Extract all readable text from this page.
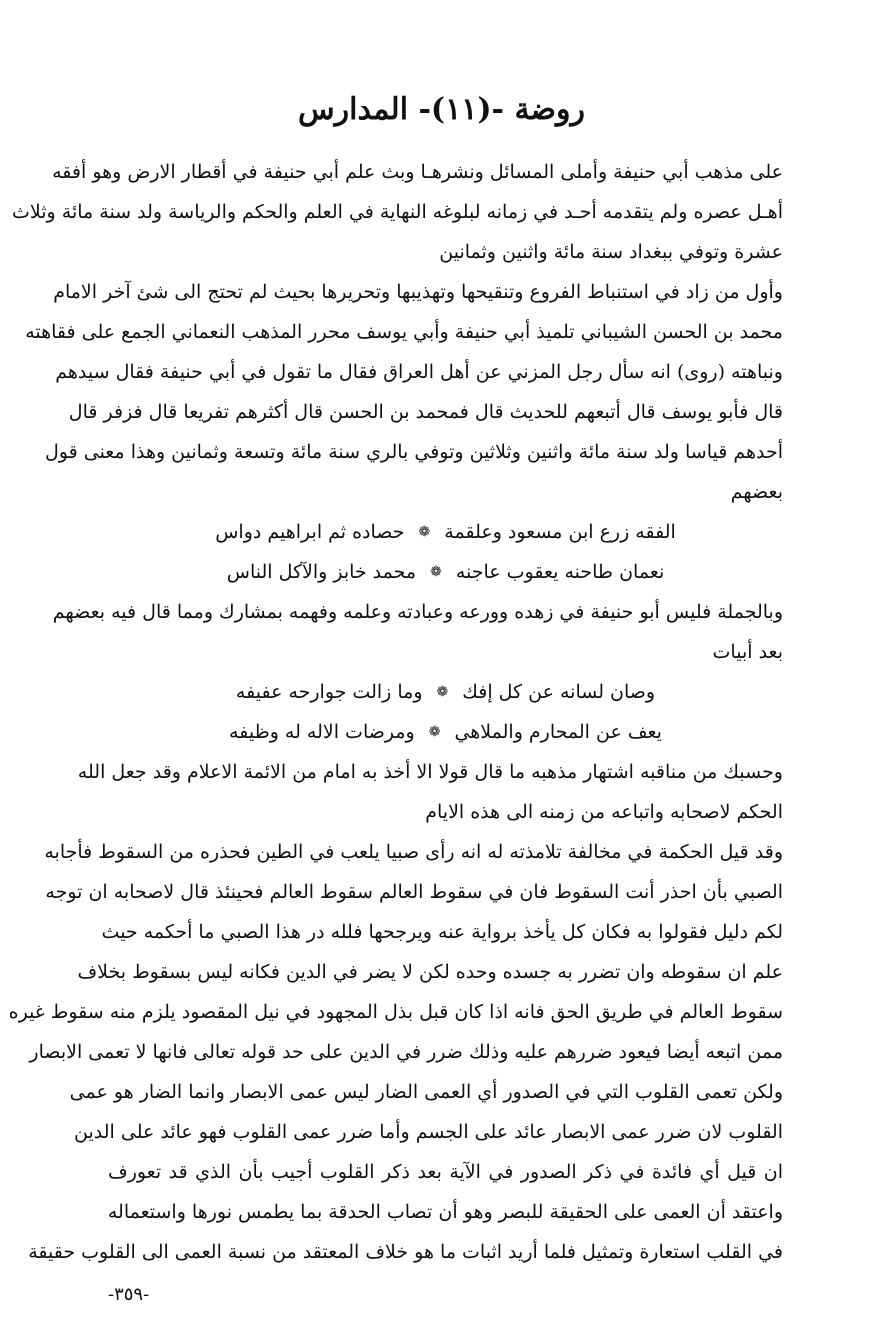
روضة -(١١)- المدارس
على مذهب أبي حنيفة وأملى المسائل ونشرهـا وبث علم أبي حنيفة في أقطار الارض وهو أفقه
أهـل عصره ولم يتقدمه أحـد في زمانه لبلوغه النهاية في العلم والحكم والرياسة ولد سنة مائة وثلاث
عشرة وتوفي ببغداد سنة مائة واثنين وثمانين
وأول من زاد في استنباط الفروع وتنقيحها وتهذيبها وتحريرها بحيث لم تحتج الى شئ آخر الامام
محمد بن الحسن الشيباني تلميذ أبي حنيفة وأبي يوسف محرر المذهب النعماني الجمع على فقاهته
ونباهته (روى) انه سأل رجل المزني عن أهل العراق فقال ما تقول في أبي حنيفة فقال سيدهم
قال فأبو يوسف قال أتبعهم للحديث قال فمحمد بن الحسن قال أكثرهم تفريعا قال فزفر قال
أحدهم قياسا ولد سنة مائة واثنين وثلاثين وتوفي بالري سنة مائة وتسعة وثمانين وهذا معنى قول
بعضهم
الفقه زرع ابن مسعود وعلقمة
❁
حصاده ثم ابراهيم دواس
نعمان طاحنه يعقوب عاجنه
❁
محمد خابز والآكل الناس
وبالجملة فليس أبو حنيفة في زهده وورعه وعبادته وعلمه وفهمه بمشارك ومما قال فيه بعضهم
بعد أبيات
وصان لسانه عن كل إفك
❁
وما زالت جوارحه عفيفه
يعف عن المحارم والملاهي
❁
ومرضات الاله له وظيفه
وحسبك من مناقبه اشتهار مذهبه ما قال قولا الا أخذ به امام من الائمة الاعلام وقد جعل الله
الحكم لاصحابه واتباعه من زمنه الى هذه الايام
وقد قيل الحكمة في مخالفة تلامذته له انه رأى صبيا يلعب في الطين فحذره من السقوط فأجابه
الصبي بأن احذر أنت السقوط فان في سقوط العالم سقوط العالم فحينئذ قال لاصحابه ان توجه
لكم دليل فقولوا به فكان كل يأخذ برواية عنه ويرجحها فلله در هذا الصبي ما أحكمه حيث
علم ان سقوطه وان تضرر به جسده وحده لكن لا يضر في الدين فكانه ليس بسقوط بخلاف
سقوط العالم في طريق الحق فانه اذا كان قبل بذل المجهود في نيل المقصود يلزم منه سقوط غيره
ممن اتبعه أيضا فيعود ضررهم عليه وذلك ضرر في الدين على حد قوله تعالى فانها لا تعمى الابصار
ولكن تعمى القلوب التي في الصدور أي العمى الضار ليس عمى الابصار وانما الضار هو عمى
القلوب لان ضرر عمى الابصار عائد على الجسم وأما ضرر عمى القلوب فهو عائد على الدين
ان قيل أي فائدة في ذكر الصدور في الآية بعد ذكر القلوب أجيب بأن الذي قد تعورف
واعتقد أن العمى على الحقيقة للبصر وهو أن تصاب الحدقة بما يطمس نورها واستعماله
في القلب استعارة وتمثيل فلما أريد اثبات ما هو خلاف المعتقد من نسبة العمى الى القلوب حقيقة
-٣٥٩-
